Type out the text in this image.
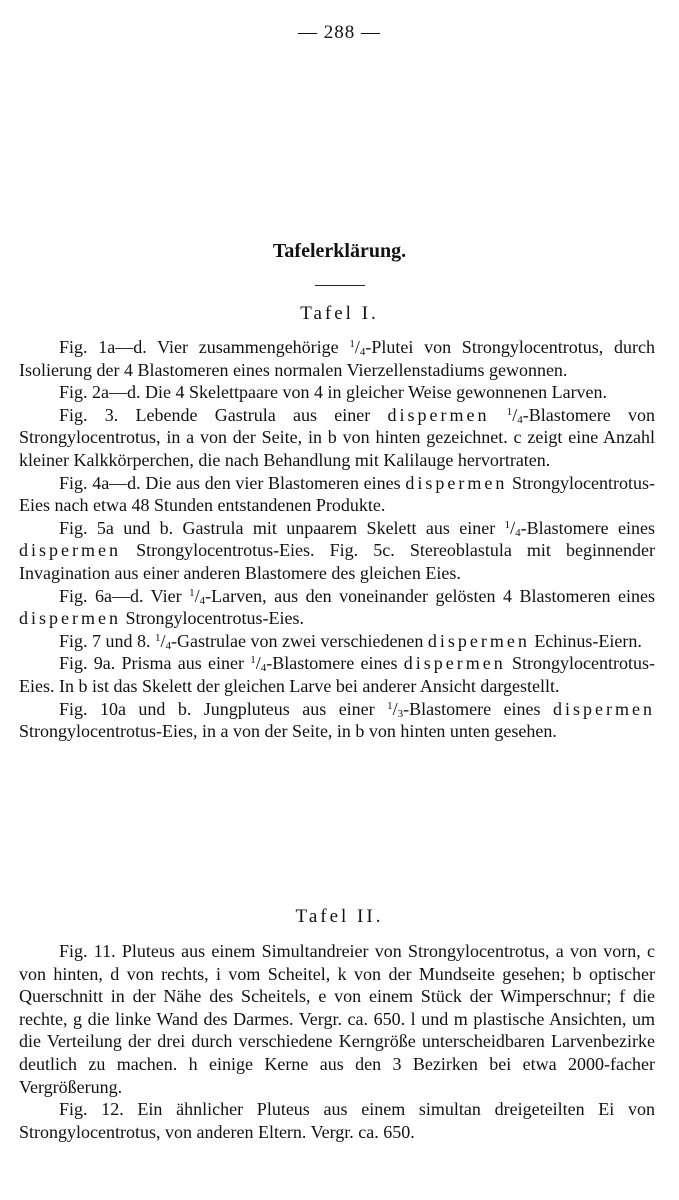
— 288 —
Tafelerklärung.
Tafel I.

Fig. 1a—d. Vier zusammengehörige $^1/_4$-Plutei von Strongylocentrotus, durch Isolierung der 4 Blastomeren eines normalen Vierzellenstadiums gewonnen.

Fig. 2a—d. Die 4 Skelettpaare von 4 in gleicher Weise gewonnenen Larven.

Fig. 3. Lebende Gastrula aus einer dispermen $^1/_4$-Blastomere von Strongylocentrotus, in a von der Seite, in b von hinten gezeichnet. c zeigt eine Anzahl kleiner Kalkkörperchen, die nach Behandlung mit Kalilauge hervortraten.

Fig. 4a—d. Die aus den vier Blastomeren eines dispermen Strongylocentrotus-Eies nach etwa 48 Stunden entstandenen Produkte.

Fig. 5a und b. Gastrula mit unpaarem Skelett aus einer $^1/_4$-Blastomere eines dispermen Strongylocentrotus-Eies. Fig. 5c. Stereoblastula mit beginnender Invagination aus einer anderen Blastomere des gleichen Eies.

Fig. 6a—d. Vier $^1/_4$-Larven, aus den voneinander gelösten 4 Blastomeren eines dispermen Strongylocentrotus-Eies.

Fig. 7 und 8. $^1/_4$-Gastrulae von zwei verschiedenen dispermen Echinus-Eiern.

Fig. 9a. Prisma aus einer $^1/_4$-Blastomere eines dispermen Strongylocentrotus-Eies. In b ist das Skelett der gleichen Larve bei anderer Ansicht dargestellt.

Fig. 10a und b. Jungpluteus aus einer $^1/_3$-Blastomere eines dispermen Strongylocentrotus-Eies, in a von der Seite, in b von hinten unten gesehen.

Tafel II.

Fig. 11. Pluteus aus einem Simultandreier von Strongylocentrotus, a von vorn, c von hinten, d von rechts, i vom Scheitel, k von der Mundseite gesehen; b optischer Querschnitt in der Nähe des Scheitels, e von einem Stück der Wimperschnur; f die rechte, g die linke Wand des Darmes. Vergr. ca. 650. l und m plastische Ansichten, um die Verteilung der drei durch verschiedene Kerngröße unterscheidbaren Larvenbezirke deutlich zu machen. h einige Kerne aus den 3 Bezirken bei etwa 2000-facher Vergrößerung.

Fig. 12. Ein ähnlicher Pluteus aus einem simultan dreigeteilten Ei von Strongylocentrotus, von anderen Eltern. Vergr. ca. 650.
